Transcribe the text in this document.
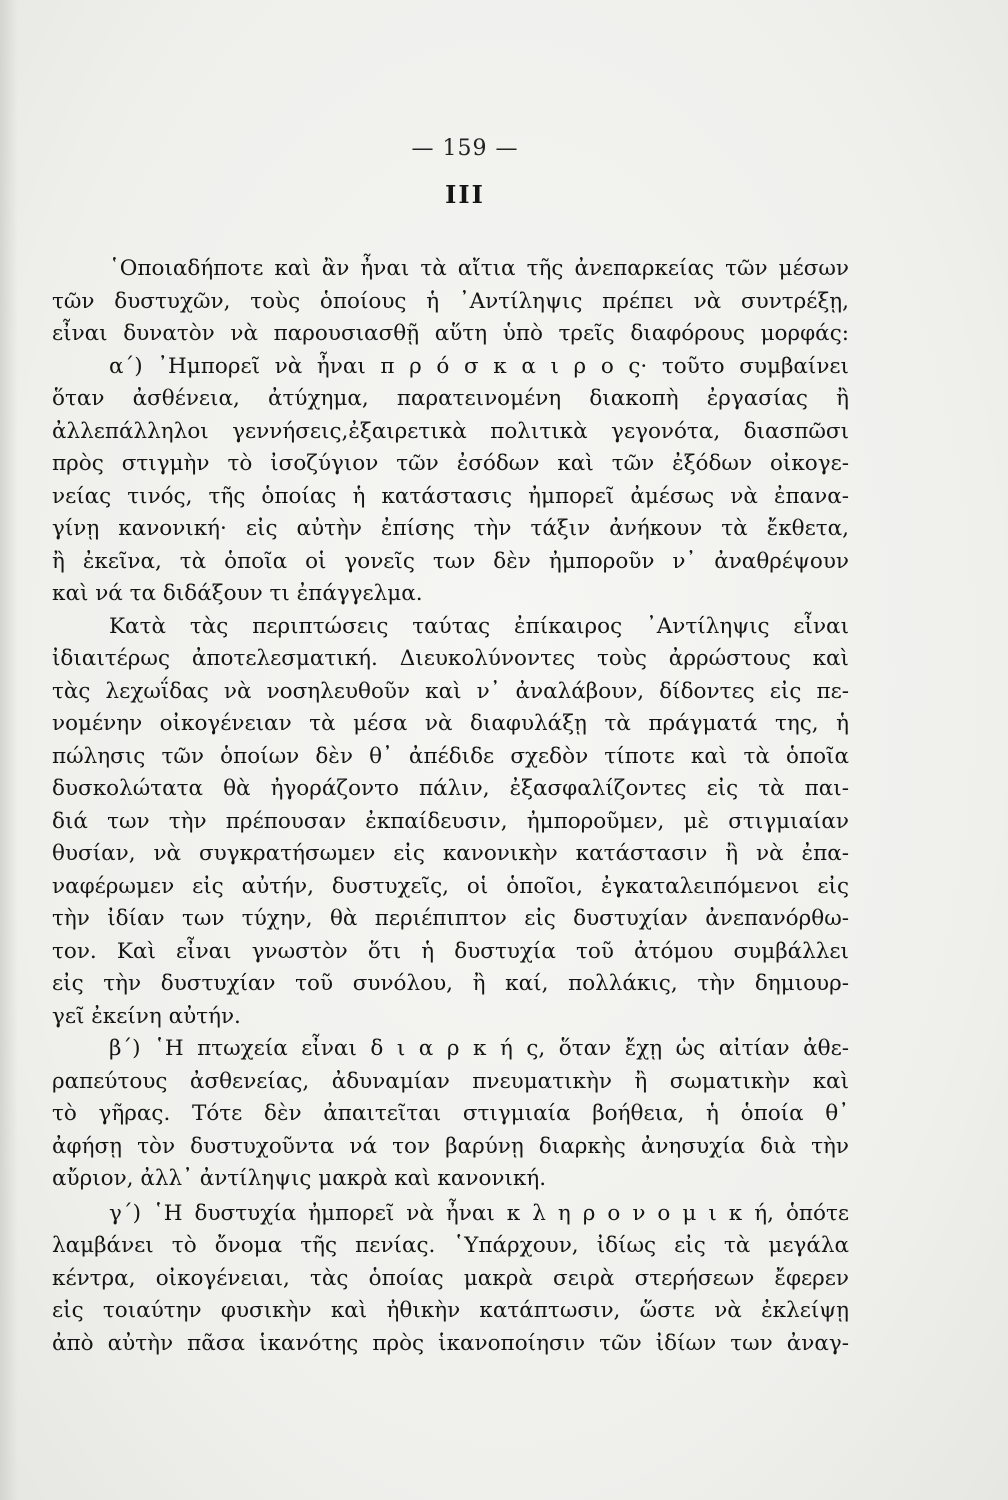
— 159 —
III
῾Οποιαδήποτε καὶ ἂν ἦναι τὰ αἴτια τῆς ἀνεπαρκείας τῶν μέσων
τῶν δυστυχῶν, τοὺς ὁποίους ἡ ᾿Αντίληψις πρέπει νὰ συντρέξῃ,
εἶναι δυνατὸν νὰ παρουσιασθῇ αὕτη ὑπὸ τρεῖς διαφόρους μορφάς:
α΄) ᾿Ημπορεῖ νὰ ἦναι π ρ ό σ κ α ι ρ ο ς· τοῦτο συμβαίνει
ὅταν ἀσθένεια, ἀτύχημα, παρατεινομένη διακοπὴ ἐργασίας ἢ
ἀλλεπάλληλοι γεννήσεις,ἐξαιρετικὰ πολιτικὰ γεγονότα, διασπῶσι
πρὸς στιγμὴν τὸ ἰσοζύγιον τῶν ἐσόδων καὶ τῶν ἐξόδων οἰκογε-
νείας τινός, τῆς ὁποίας ἡ κατάστασις ἠμπορεῖ ἀμέσως νὰ ἐπανα-
γίνῃ κανονική· εἰς αὐτὴν ἐπίσης τὴν τάξιν ἀνήκουν τὰ ἔκθετα,
ἢ ἐκεῖνα, τὰ ὁποῖα οἱ γονεῖς των δὲν ἠμποροῦν ν᾿ ἀναθρέψουν
καὶ νά τα διδάξουν τι ἐπάγγελμα.
Κατὰ τὰς περιπτώσεις ταύτας ἐπίκαιρος ᾿Αντίληψις εἶναι
ἰδιαιτέρως ἀποτελεσματική. Διευκολύνοντες τοὺς ἀρρώστους καὶ
τὰς λεχωΐδας νὰ νοσηλευθοῦν καὶ ν᾿ ἀναλάβουν, δίδοντες εἰς πε-
νομένην οἰκογένειαν τὰ μέσα νὰ διαφυλάξῃ τὰ πράγματά της, ἡ
πώλησις τῶν ὁποίων δὲν θ᾿ ἀπέδιδε σχεδὸν τίποτε καὶ τὰ ὁποῖα
δυσκολώτατα θὰ ἠγοράζοντο πάλιν, ἐξασφαλίζοντες εἰς τὰ παι-
διά των τὴν πρέπουσαν ἐκπαίδευσιν, ἠμποροῦμεν, μὲ στιγμιαίαν
θυσίαν, νὰ συγκρατήσωμεν εἰς κανονικὴν κατάστασιν ἢ νὰ ἐπα-
ναφέρωμεν εἰς αὐτήν, δυστυχεῖς, οἱ ὁποῖοι, ἐγκαταλειπόμενοι εἰς
τὴν ἰδίαν των τύχην, θὰ περιέπιπτον εἰς δυστυχίαν ἀνεπανόρθω-
τον. Καὶ εἶναι γνωστὸν ὅτι ἡ δυστυχία τοῦ ἀτόμου συμβάλλει
εἰς τὴν δυστυχίαν τοῦ συνόλου, ἢ καί, πολλάκις, τὴν δημιουρ-
γεῖ ἐκείνη αὐτήν.
β΄) ῾Η πτωχεία εἶναι δ ι α ρ κ ή ς, ὅταν ἔχῃ ὡς αἰτίαν ἀθε-
ραπεύτους ἀσθενείας, ἀδυναμίαν πνευματικὴν ἢ σωματικὴν καὶ
τὸ γῆρας. Τότε δὲν ἀπαιτεῖται στιγμιαία βοήθεια, ἡ ὁποία θ᾿
ἀφήσῃ τὸν δυστυχοῦντα νά τον βαρύνῃ διαρκὴς ἀνησυχία διὰ τὴν
αὔριον, ἀλλ᾿ ἀντίληψις μακρὰ καὶ κανονική.
γ΄) ῾Η δυστυχία ἠμπορεῖ νὰ ἦναι κ λ η ρ ο ν ο μ ι κ ή, ὁπότε
λαμβάνει τὸ ὄνομα τῆς πενίας. ῾Υπάρχουν, ἰδίως εἰς τὰ μεγάλα
κέντρα, οἰκογένειαι, τὰς ὁποίας μακρὰ σειρὰ στερήσεων ἔφερεν
εἰς τοιαύτην φυσικὴν καὶ ἠθικὴν κατάπτωσιν, ὥστε νὰ ἐκλείψῃ
ἀπὸ αὐτὴν πᾶσα ἱκανότης πρὸς ἱκανοποίησιν τῶν ἰδίων των ἀναγ-
